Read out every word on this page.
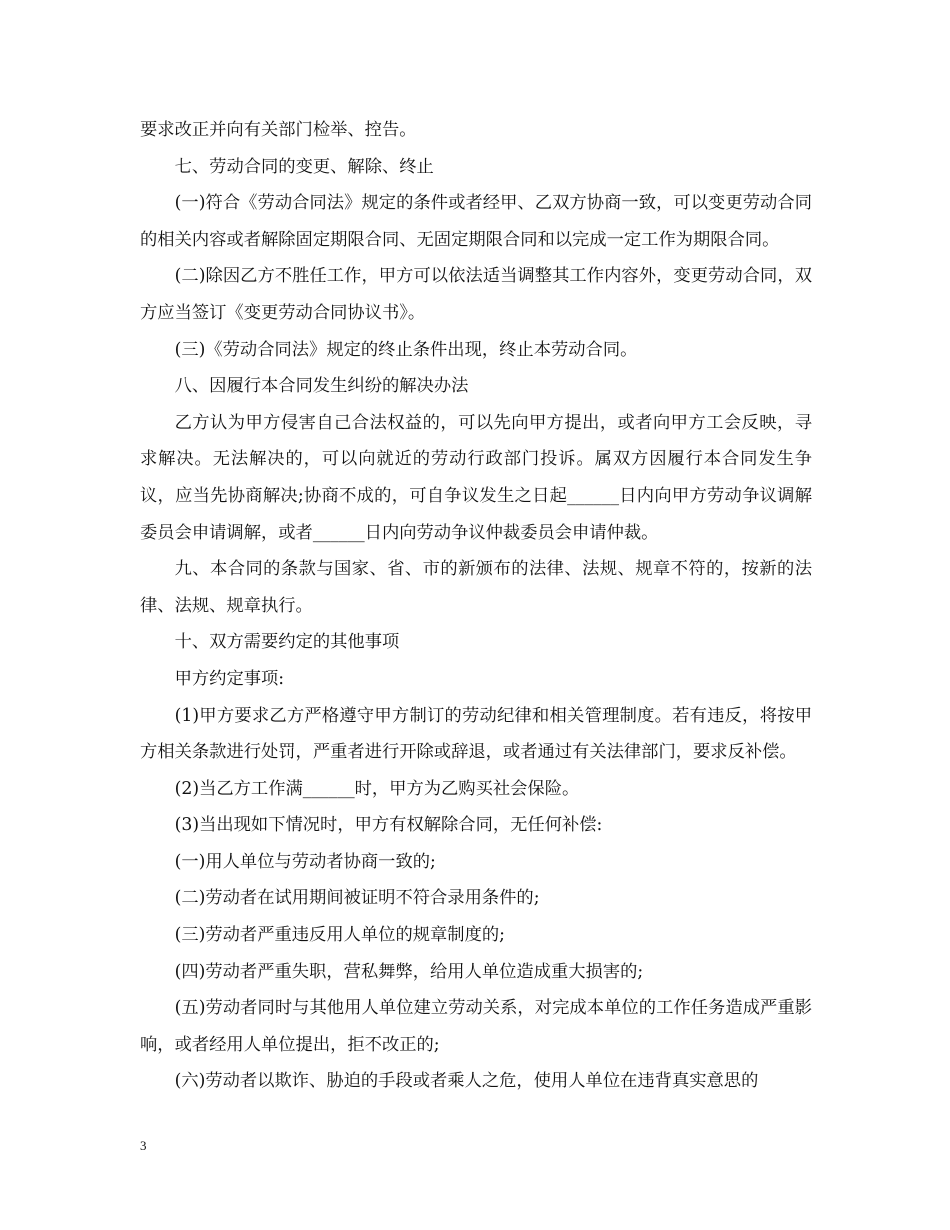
要求改正并向有关部门检举、控告。

七、劳动合同的变更、解除、终止

(一)符合《劳动合同法》规定的条件或者经甲、乙双方协商一致，可以变更劳动合同的相关内容或者解除固定期限合同、无固定期限合同和以完成一定工作为期限合同。

(二)除因乙方不胜任工作，甲方可以依法适当调整其工作内容外，变更劳动合同，双方应当签订《变更劳动合同协议书》。

(三)《劳动合同法》规定的终止条件出现，终止本劳动合同。

八、因履行本合同发生纠纷的解决办法

乙方认为甲方侵害自己合法权益的，可以先向甲方提出，或者向甲方工会反映，寻求解决。无法解决的，可以向就近的劳动行政部门投诉。属双方因履行本合同发生争议，应当先协商解决;协商不成的，可自争议发生之日起______日内向甲方劳动争议调解委员会申请调解，或者______日内向劳动争议仲裁委员会申请仲裁。

九、本合同的条款与国家、省、市的新颁布的法律、法规、规章不符的，按新的法律、法规、规章执行。

十、双方需要约定的其他事项

甲方约定事项:

(1)甲方要求乙方严格遵守甲方制订的劳动纪律和相关管理制度。若有违反，将按甲方相关条款进行处罚，严重者进行开除或辞退，或者通过有关法律部门，要求反补偿。

(2)当乙方工作满______时，甲方为乙购买社会保险。

(3)当出现如下情况时，甲方有权解除合同，无任何补偿:

(一)用人单位与劳动者协商一致的;

(二)劳动者在试用期间被证明不符合录用条件的;

(三)劳动者严重违反用人单位的规章制度的;

(四)劳动者严重失职，营私舞弊，给用人单位造成重大损害的;

(五)劳动者同时与其他用人单位建立劳动关系，对完成本单位的工作任务造成严重影响，或者经用人单位提出，拒不改正的;

(六)劳动者以欺诈、胁迫的手段或者乘人之危，使用人单位在违背真实意思的

3
